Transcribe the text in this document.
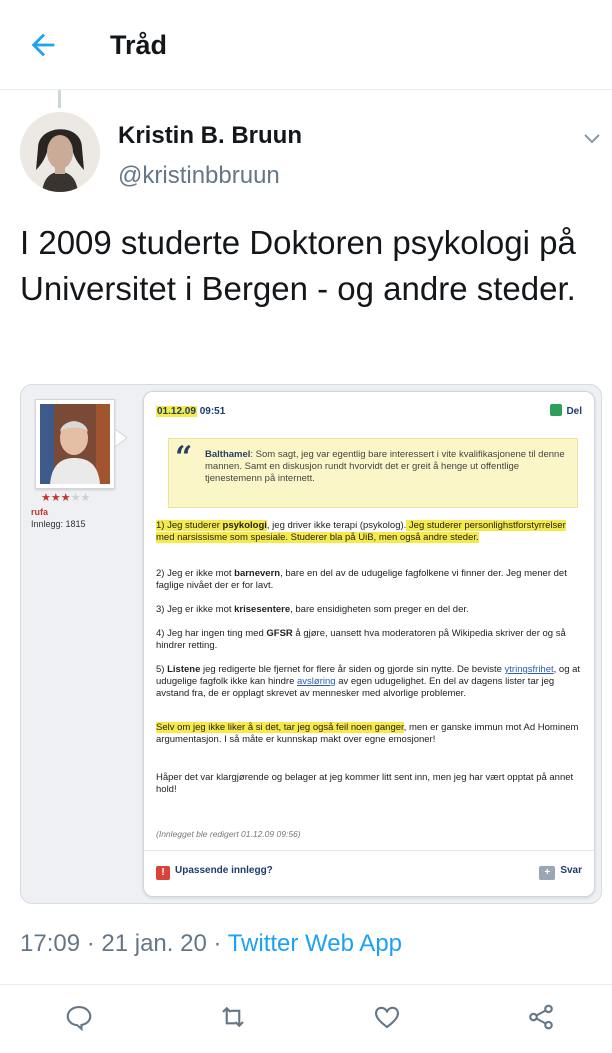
Tråd
Kristin B. Bruun
@kristinbbruun
I 2009 studerte Doktoren psykologi på Universitet i Bergen - og andre steder.
★★★★★
rufa
Innlegg: 1815
01.12.09 09:51	Del
“ Balthamel: Som sagt, jeg var egentlig bare interessert i vite kvalifikasjonene til denne mannen. Samt en diskusjon rundt hvorvidt det er greit å henge ut offentlige tjenestemenn på internett.
1) Jeg studerer psykologi, jeg driver ikke terapi (psykolog). Jeg studerer personlighstforstyrrelser med narsissisme som spesiale. Studerer bla på UiB, men også andre steder.
2) Jeg er ikke mot barnevern, bare en del av de udugelige fagfolkene vi finner der. Jeg mener det faglige nivået der er for lavt.
3) Jeg er ikke mot krisesentere, bare ensidigheten som preger en del der.
4) Jeg har ingen ting med GFSR å gjøre, uansett hva moderatoren på Wikipedia skriver der og så hindrer retting.
5) Listene jeg redigerte ble fjernet for flere år siden og gjorde sin nytte. De beviste ytringsfrihet, og at udugelige fagfolk ikke kan hindre avsløring av egen udugelighet. En del av dagens lister tar jeg avstand fra, de er opplagt skrevet av mennesker med alvorlige problemer.
Selv om jeg ikke liker å si det, tar jeg også feil noen ganger, men er ganske immun mot Ad Hominem argumentasjon. I så måte er kunnskap makt over egne emosjoner!
Håper det var klargjørende og belager at jeg kommer litt sent inn, men jeg har vært opptat på annet hold!
(Innlegget ble redigert 01.12.09 09:56)
! Upassende innlegg?	+ Svar
17:09 · 21 jan. 20 · Twitter Web App
